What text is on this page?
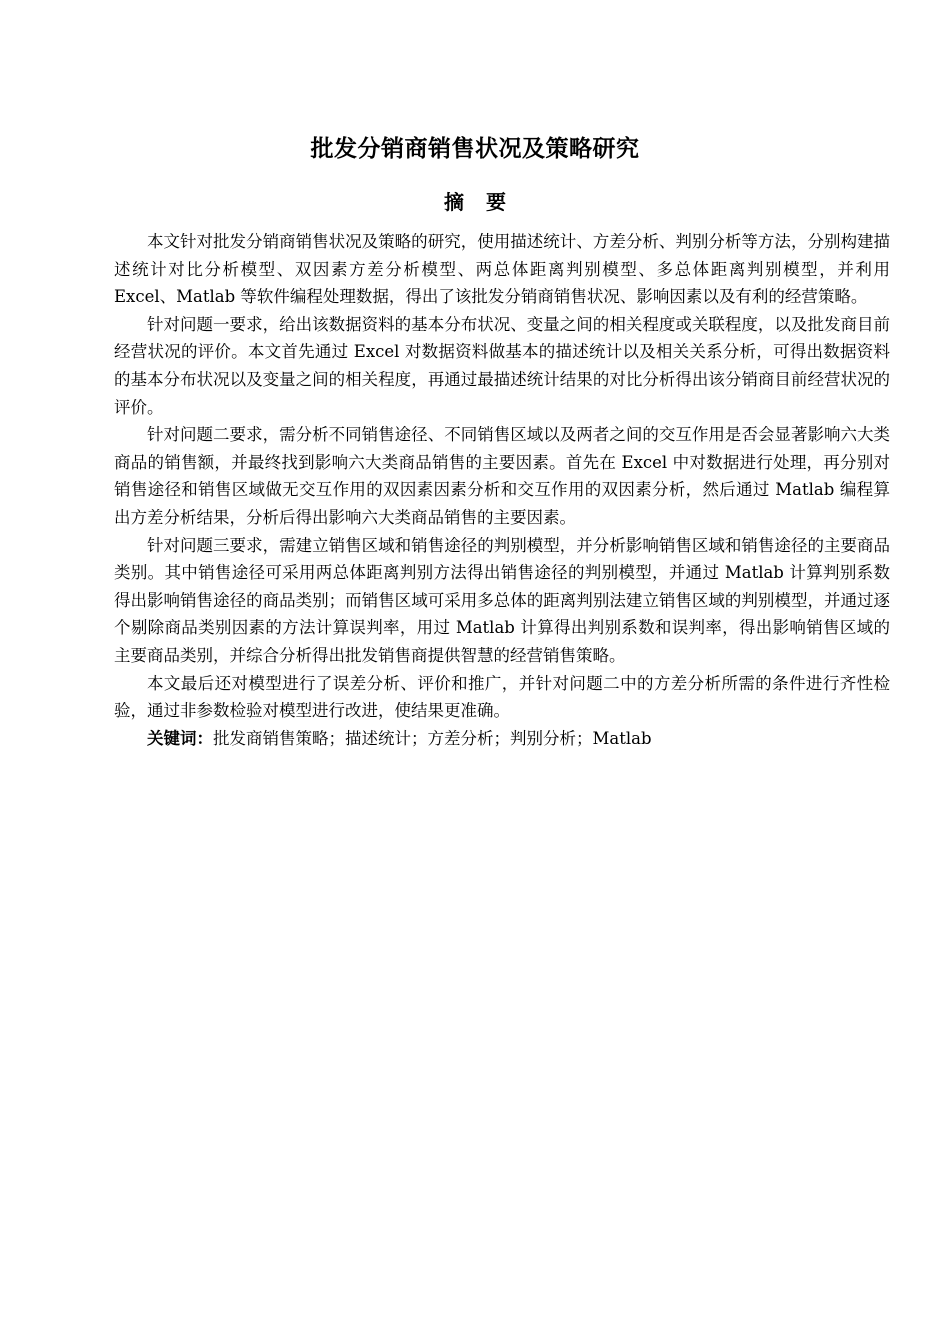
批发分销商销售状况及策略研究
摘要

本文针对批发分销商销售状况及策略的研究，使用描述统计、方差分析、判别分析等方法，分别构建描述统计对比分析模型、双因素方差分析模型、两总体距离判别模型、多总体距离判别模型，并利用 Excel、Matlab 等软件编程处理数据，得出了该批发分销商销售状况、影响因素以及有利的经营策略。

针对问题一要求，给出该数据资料的基本分布状况、变量之间的相关程度或关联程度，以及批发商目前经营状况的评价。本文首先通过 Excel 对数据资料做基本的描述统计以及相关关系分析，可得出数据资料的基本分布状况以及变量之间的相关程度，再通过最描述统计结果的对比分析得出该分销商目前经营状况的评价。

针对问题二要求，需分析不同销售途径、不同销售区域以及两者之间的交互作用是否会显著影响六大类商品的销售额，并最终找到影响六大类商品销售的主要因素。首先在 Excel 中对数据进行处理，再分别对销售途径和销售区域做无交互作用的双因素因素分析和交互作用的双因素分析，然后通过 Matlab 编程算出方差分析结果，分析后得出影响六大类商品销售的主要因素。

针对问题三要求，需建立销售区域和销售途径的判别模型，并分析影响销售区域和销售途径的主要商品类别。其中销售途径可采用两总体距离判别方法得出销售途径的判别模型，并通过 Matlab 计算判别系数得出影响销售途径的商品类别；而销售区域可采用多总体的距离判别法建立销售区域的判别模型，并通过逐个剔除商品类别因素的方法计算误判率，用过 Matlab 计算得出判别系数和误判率，得出影响销售区域的主要商品类别，并综合分析得出批发销售商提供智慧的经营销售策略。

本文最后还对模型进行了误差分析、评价和推广，并针对问题二中的方差分析所需的条件进行齐性检验，通过非参数检验对模型进行改进，使结果更准确。

关键词：批发商销售策略；描述统计；方差分析；判别分析；Matlab
